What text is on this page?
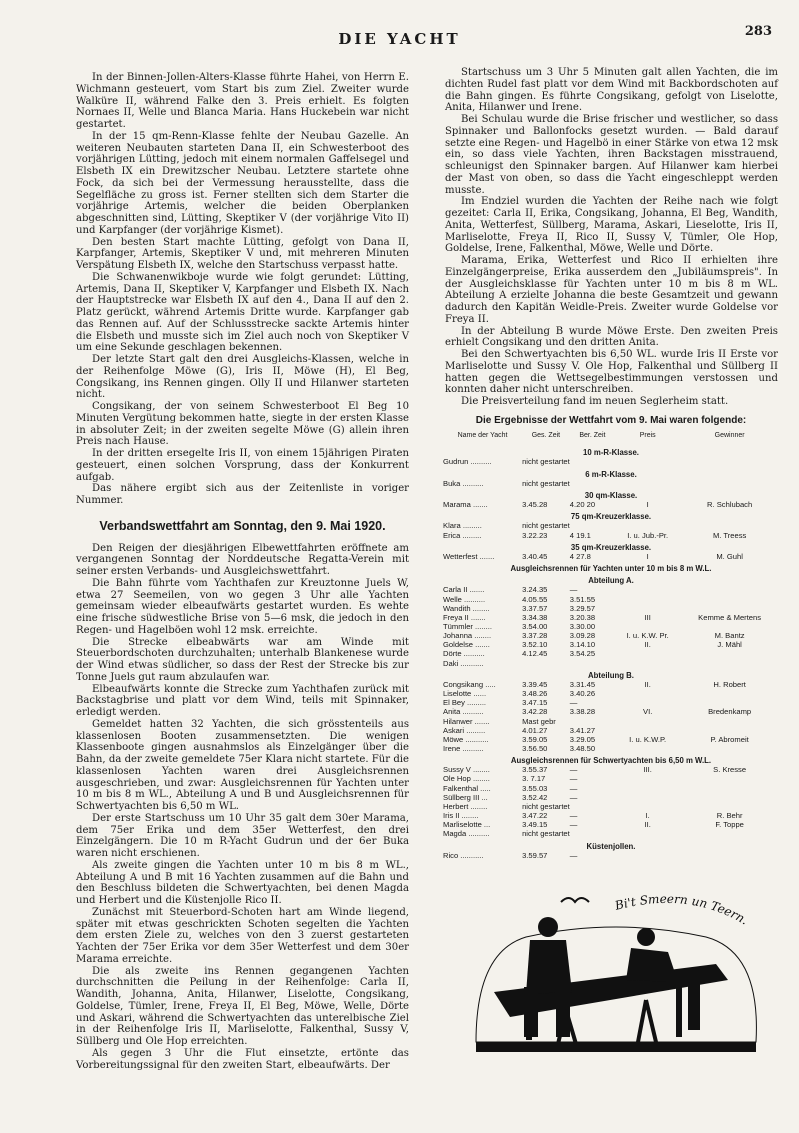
DIE YACHT	283

In der Binnen-Jollen-Alters-Klasse führte Hahei, von Herrn E. Wichmann gesteuert, vom Start bis zum Ziel. Zweiter wurde Walküre II, während Falke den 3. Preis erhielt. Es folgten Nornaes II, Welle und Blanca Maria. Hans Huckebein war nicht gestartet.

In der 15 qm-Renn-Klasse fehlte der Neubau Gazelle. An weiteren Neubauten starteten Dana II, ein Schwesterboot des vorjährigen Lütting, jedoch mit einem normalen Gaffelsegel und Elsbeth IX ein Drewitzscher Neubau. Letztere startete ohne Fock, da sich bei der Vermessung herausstellte, dass die Segelfläche zu gross ist. Ferner stellten sich dem Starter die vorjährige Artemis, welcher die beiden Oberplanken abgeschnitten sind, Lütting, Skeptiker V (der vorjährige Vito II) und Karpfanger (der vorjährige Kismet).

Den besten Start machte Lütting, gefolgt von Dana II, Karpfanger, Artemis, Skeptiker V und, mit mehreren Minuten Verspätung Elsbeth IX, welche den Startschuss verpasst hatte.

Die Schwanenwikboje wurde wie folgt gerundet: Lütting, Artemis, Dana II, Skeptiker V, Karpfanger und Elsbeth IX. Nach der Hauptstrecke war Elsbeth IX auf den 4., Dana II auf den 2. Platz gerückt, während Artemis Dritte wurde. Karpfanger gab das Rennen auf. Auf der Schlussstrecke sackte Artemis hinter die Elsbeth und musste sich im Ziel auch noch von Skeptiker V um eine Sekunde geschlagen bekennen.

Der letzte Start galt den drei Ausgleichs-Klassen, welche in der Reihenfolge Möwe (G), Iris II, Möwe (H), El Beg, Congsikang, ins Rennen gingen. Olly II und Hilanwer starteten nicht.

Congsikang, der von seinem Schwesterboot El Beg 10 Minuten Vergütung bekommen hatte, siegte in der ersten Klasse in absoluter Zeit; in der zweiten segelte Möwe (G) allein ihren Preis nach Hause.

In der dritten ersegelte Iris II, von einem 15jährigen Piraten gesteuert, einen solchen Vorsprung, dass der Konkurrent aufgab.

Das nähere ergibt sich aus der Zeitenliste in voriger Nummer.

Verbandswettfahrt am Sonntag, den 9. Mai 1920.

Den Reigen der diesjährigen Elbewettfahrten eröffnete am vergangenen Sonntag der Norddeutsche Regatta-Verein mit seiner ersten Verbands- und Ausgleichswettfahrt.

Die Bahn führte vom Yachthafen zur Kreuztonne Juels W, etwa 27 Seemeilen, von wo gegen 3 Uhr alle Yachten gemeinsam wieder elbeaufwärts gestartet wurden. Es wehte eine frische südwestliche Brise von 5—6 msk, die jedoch in den Regen- und Hagelböen wohl 12 msk. erreichte.

Die Strecke elbeabwärts war am Winde mit Steuerbordschoten durchzuhalten; unterhalb Blankenese wurde der Wind etwas südlicher, so dass der Rest der Strecke bis zur Tonne Juels gut raum abzulaufen war.

Elbeaufwärts konnte die Strecke zum Yachthafen zurück mit Backstagbrise und platt vor dem Wind, teils mit Spinnaker, erledigt werden.

Gemeldet hatten 32 Yachten, die sich grösstenteils aus klassenlosen Booten zusammensetzten. Die wenigen Klassenboote gingen ausnahmslos als Einzelgänger über die Bahn, da der zweite gemeldete 75er Klara nicht startete. Für die klassenlosen Yachten waren drei Ausgleichsrennen ausgeschrieben, und zwar: Ausgleichsrennen für Yachten unter 10 m bis 8 m WL., Abteilung A und B und Ausgleichsrennen für Schwertyachten bis 6,50 m WL.

Der erste Startschuss um 10 Uhr 35 galt dem 30er Marama, dem 75er Erika und dem 35er Wetterfest, den drei Einzelgängern. Die 10 m R-Yacht Gudrun und der 6er Buka waren nicht erschienen.

Als zweite gingen die Yachten unter 10 m bis 8 m WL., Abteilung A und B mit 16 Yachten zusammen auf die Bahn und den Beschluss bildeten die Schwertyachten, bei denen Magda und Herbert und die Küstenjolle Rico II.

Zunächst mit Steuerbord-Schoten hart am Winde liegend, später mit etwas geschrickten Schoten segelten die Yachten dem ersten Ziele zu, welches von den 3 zuerst gestarteten Yachten der 75er Erika vor dem 35er Wetterfest und dem 30er Marama erreichte.

Die als zweite ins Rennen gegangenen Yachten durchschnitten die Peilung in der Reihenfolge: Carla II, Wandith, Johanna, Anita, Hilanwer, Liselotte, Congsikang, Goldelse, Tümler, Irene, Freya II, El Beg, Möwe, Welle, Dörte und Askari, während die Schwertyachten das unterelbische Ziel in der Reihenfolge Iris II, Marliselotte, Falkenthal, Sussy V, Süllberg und Ole Hop erreichten.

Als gegen 3 Uhr die Flut einsetzte, ertönte das Vorbereitungssignal für den zweiten Start, elbeaufwärts. Der

Startschuss um 3 Uhr 5 Minuten galt allen Yachten, die im dichten Rudel fast platt vor dem Wind mit Backbordschoten auf die Bahn gingen. Es führte Congsikang, gefolgt von Liselotte, Anita, Hilanwer und Irene.

Bei Schulau wurde die Brise frischer und westlicher, so dass Spinnaker und Ballonfocks gesetzt wurden. — Bald darauf setzte eine Regen- und Hagelbö in einer Stärke von etwa 12 msk ein, so dass viele Yachten, ihren Backstagen misstrauend, schleunigst den Spinnaker bargen. Auf Hilanwer kam hierbei der Mast von oben, so dass die Yacht eingeschleppt werden musste.

Im Endziel wurden die Yachten der Reihe nach wie folgt gezeitet: Carla II, Erika, Congsikang, Johanna, El Beg, Wandith, Anita, Wetterfest, Süllberg, Marama, Askari, Lieselotte, Iris II, Marliselotte, Freya II, Rico II, Sussy V, Tümler, Ole Hop, Goldelse, Irene, Falkenthal, Möwe, Welle und Dörte.

Marama, Erika, Wetterfest und Rico II erhielten ihre Einzelgängerpreise, Erika ausserdem den „Jubiläumspreis". In der Ausgleichsklasse für Yachten unter 10 m bis 8 m WL. Abteilung A erzielte Johanna die beste Gesamtzeit und gewann dadurch den Kapitän Weidle-Preis. Zweiter wurde Goldelse vor Freya II.

In der Abteilung B wurde Möwe Erste. Den zweiten Preis erhielt Congsikang und den dritten Anita.

Bei den Schwertyachten bis 6,50 WL. wurde Iris II Erste vor Marliselotte und Sussy V. Ole Hop, Falkenthal und Süllberg II hatten gegen die Wettsegelbestimmungen verstossen und konnten daher nicht unterschreiben.

Die Preisverteilung fand im neuen Seglerheim statt.

Die Ergebnisse der Wettfahrt vom 9. Mai waren folgende:
Name der Yacht	Ges. Zeit	Ber. Zeit	Preis	Gewinner
10 m-R-Klasse.				
Gudrun ..........	nicht gestartet			
6 m-R-Klasse.				
Buka ..........	nicht gestartet			
30 qm-Klasse.				
Marama .......	3.45.28	4.20 20	I	R. Schlubach
75 qm-Kreuzerklasse.				
Klara .........	nicht gestartet			
Erica .........	3.22.23	4 19.1	I. u. Jub.-Pr.	M. Treess
35 qm-Kreuzerklasse.				
Wetterfest .......	3.40.45	4 27.8	I	M. Guhl
Ausgleichsrennen für Yachten unter 10 m bis 8 m W.L.				
Abteilung A.				
Carla II .......	3.24.35	—		
Welle ..........	4.05.55	3.51.55		
Wandith ........	3.37.57	3.29.57		
Freya II .......	3.34.38	3.20.38	III	Kemme & Mertens
Tümmler ........	3.54.00	3.30.00		
Johanna ........	3.37.28	3.09.28	I. u. K.W. Pr.	M. Bantz
Goldelse .......	3.52.10	3.14.10	II.	J. Mähl
Dörte ..........	4.12.45	3.54.25		
Daki ...........				
Abteilung B.				
Congsikang .....	3.39.45	3.31.45	II.	H. Robert
Liselotte ......	3.48.26	3.40.26		
El Bey .........	3.47.15	—		
Anita ..........	3.42.28	3.38.28	VI.	Bredenkamp
Hilanwer .......	Mast gebr			
Askari .........	4.01.27	3.41.27		
Möwe ...........	3.59.05	3.29.05	I. u. K.W.P.	P. Abromeit
Irene ..........	3.56.50	3.48.50		
Ausgleichsrennen für Schwertyachten bis 6,50 m W.L.				
Sussy V ........	3.55.37	—	III.	S. Kresse
Ole Hop ........	3. 7.17	—		
Falkenthal .....	3.55.03	—		
Süllberg III ...	3.52.42	—		
Herbert ........	nicht gestartet			
Iris II ........	3.47.22	—	I.	R. Behr
Marliselotte ...	3.49.15	—	II.	F. Toppe
Magda ..........	nicht gestartet			
Küstenjollen.				
Rico ...........	3.59.57	—		
Bi't Smeern un Teern.
